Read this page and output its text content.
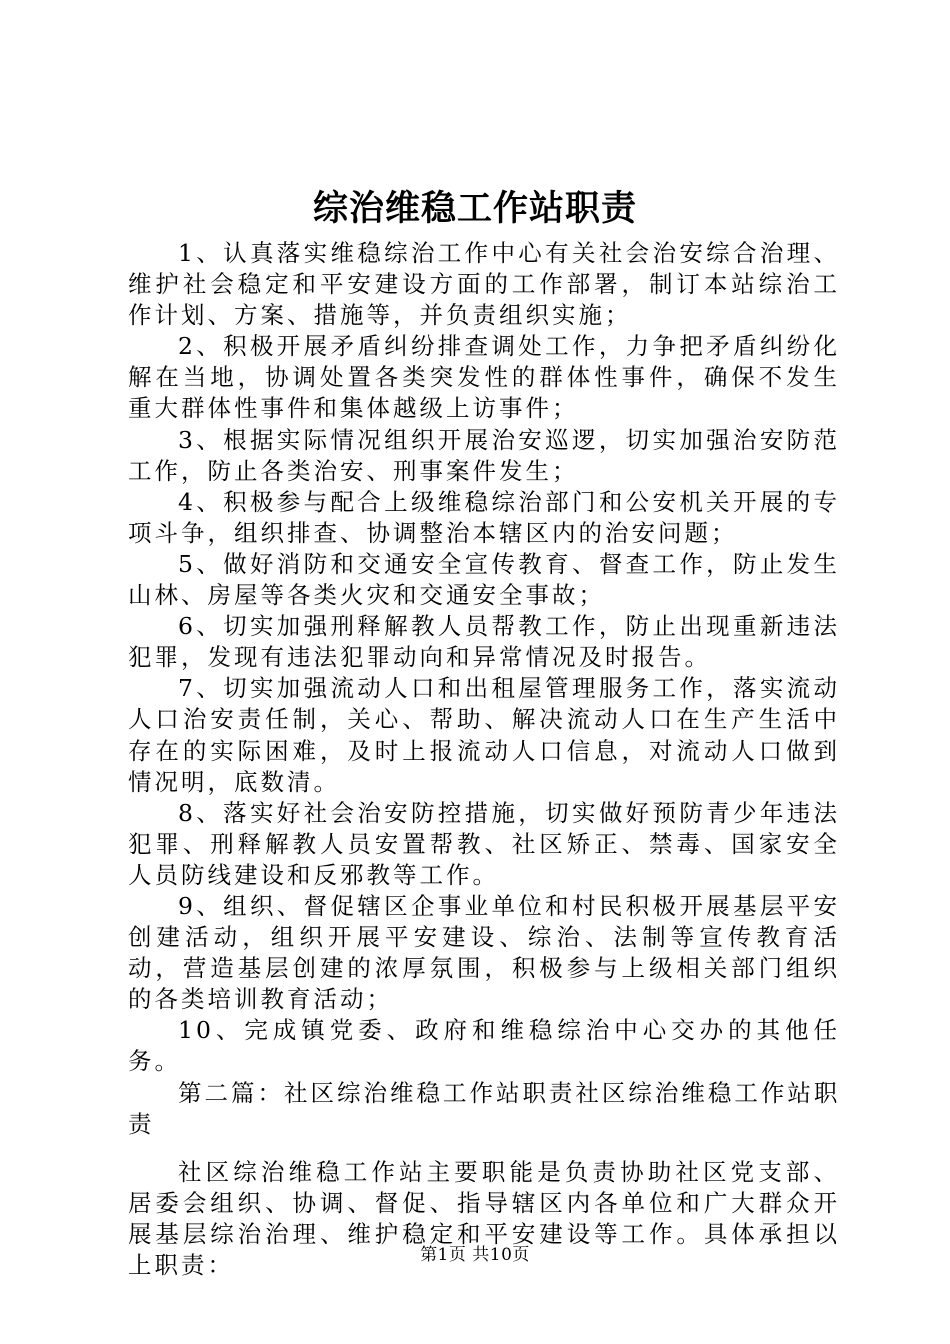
综治维稳工作站职责

1、认真落实维稳综治工作中心有关社会治安综合治理、维护社会稳定和平安建设方面的工作部署，制订本站综治工作计划、方案、措施等，并负责组织实施；

2、积极开展矛盾纠纷排查调处工作，力争把矛盾纠纷化解在当地，协调处置各类突发性的群体性事件，确保不发生重大群体性事件和集体越级上访事件；

3、根据实际情况组织开展治安巡逻，切实加强治安防范工作，防止各类治安、刑事案件发生；

4、积极参与配合上级维稳综治部门和公安机关开展的专项斗争，组织排查、协调整治本辖区内的治安问题；

5、做好消防和交通安全宣传教育、督查工作，防止发生山林、房屋等各类火灾和交通安全事故；

6、切实加强刑释解教人员帮教工作，防止出现重新违法犯罪，发现有违法犯罪动向和异常情况及时报告。

7、切实加强流动人口和出租屋管理服务工作，落实流动人口治安责任制，关心、帮助、解决流动人口在生产生活中存在的实际困难，及时上报流动人口信息，对流动人口做到情况明，底数清。

8、落实好社会治安防控措施，切实做好预防青少年违法犯罪、刑释解教人员安置帮教、社区矫正、禁毒、国家安全人员防线建设和反邪教等工作。

9、组织、督促辖区企事业单位和村民积极开展基层平安创建活动，组织开展平安建设、综治、法制等宣传教育活动，营造基层创建的浓厚氛围，积极参与上级相关部门组织的各类培训教育活动；

10、完成镇党委、政府和维稳综治中心交办的其他任务。

第二篇：社区综治维稳工作站职责社区综治维稳工作站职责

社区综治维稳工作站主要职能是负责协助社区党支部、居委会组织、协调、督促、指导辖区内各单位和广大群众开展基层综治治理、维护稳定和平安建设等工作。具体承担以上职责：	第1页 共10页
